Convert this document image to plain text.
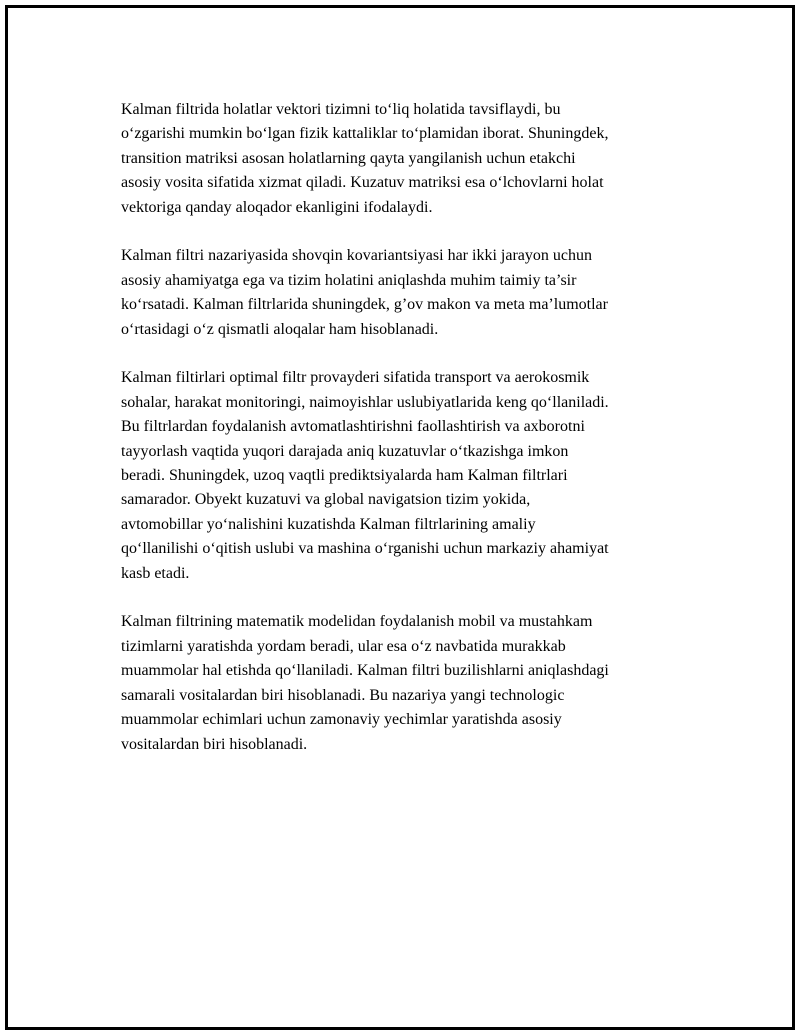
Kalman filtrida holatlar vektori tizimni to‘liq holatida tavsiflaydi, bu
o‘zgarishi mumkin bo‘lgan fizik kattaliklar to‘plamidan iborat. Shuningdek,
transition matriksi asosan holatlarning qayta yangilanish uchun etakchi
asosiy vosita sifatida xizmat qiladi. Kuzatuv matriksi esa o‘lchovlarni holat
vektoriga qanday aloqador ekanligini ifodalaydi.

Kalman filtri nazariyasida shovqin kovariantsiyasi har ikki jarayon uchun
asosiy ahamiyatga ega va tizim holatini aniqlashda muhim taimiy ta’sir
ko‘rsatadi. Kalman filtrlarida shuningdek, g’ov makon va meta ma’lumotlar
o‘rtasidagi o‘z qismatli aloqalar ham hisoblanadi.

Kalman filtirlari optimal filtr provayderi sifatida transport va aerokosmik
sohalar, harakat monitoringi, naimoyishlar uslubiyatlarida keng qo‘llaniladi.
Bu filtrlardan foydalanish avtomatlashtirishni faollashtirish va axborotni
tayyorlash vaqtida yuqori darajada aniq kuzatuvlar o‘tkazishga imkon
beradi. Shuningdek, uzoq vaqtli prediktsiyalarda ham Kalman filtrlari
samarador. Obyekt kuzatuvi va global navigatsion tizim yokida,
avtomobillar yo‘nalishini kuzatishda Kalman filtrlarining amaliy
qo‘llanilishi o‘qitish uslubi va mashina o‘rganishi uchun markaziy ahamiyat
kasb etadi.

Kalman filtrining matematik modelidan foydalanish mobil va mustahkam
tizimlarni yaratishda yordam beradi, ular esa o‘z navbatida murakkab
muammolar hal etishda qo‘llaniladi. Kalman filtri buzilishlarni aniqlashdagi
samarali vositalardan biri hisoblanadi. Bu nazariya yangi technologic
muammolar echimlari uchun zamonaviy yechimlar yaratishda asosiy
vositalardan biri hisoblanadi.
